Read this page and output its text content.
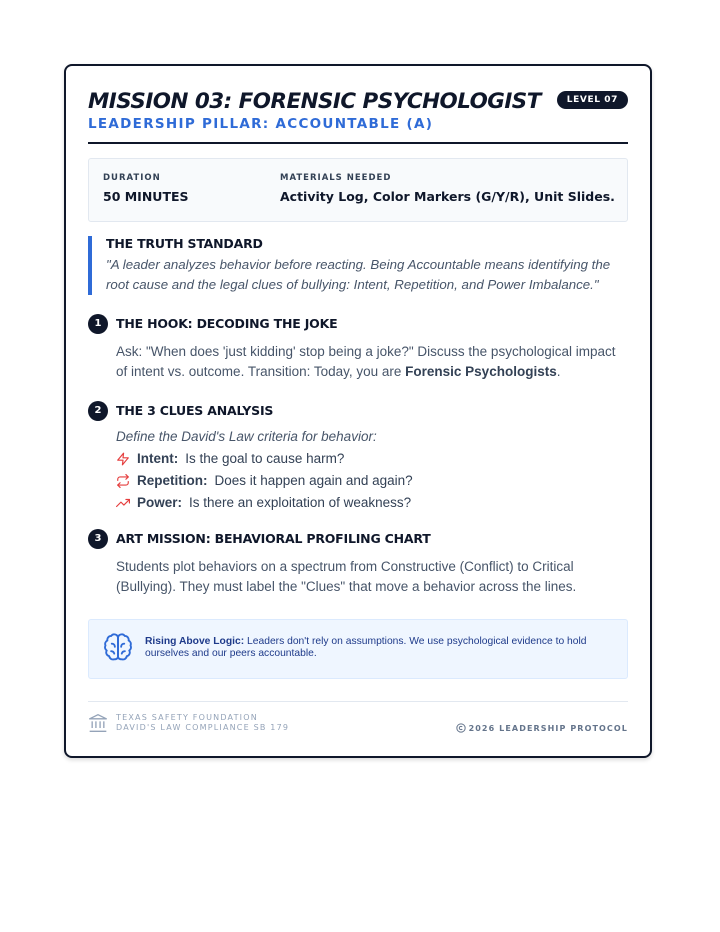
MISSION 03: FORENSIC PSYCHOLOGIST	LEVEL 07
LEADERSHIP PILLAR: ACCOUNTABLE (A)
DURATION
50 MINUTES
MATERIALS NEEDED
Activity Log, Color Markers (G/Y/R), Unit Slides.
THE TRUTH STANDARD
"A leader analyzes behavior before reacting. Being Accountable means identifying the root cause and the legal clues of bullying: Intent, Repetition, and Power Imbalance."
1	THE HOOK: DECODING THE JOKE
Ask: "When does 'just kidding' stop being a joke?" Discuss the psychological impact of intent vs. outcome. Transition: Today, you are Forensic Psychologists.
2	THE 3 CLUES ANALYSIS
Define the David's Law criteria for behavior:
Intent: Is the goal to cause harm?
Repetition: Does it happen again and again?
Power: Is there an exploitation of weakness?
3	ART MISSION: BEHAVIORAL PROFILING CHART
Students plot behaviors on a spectrum from Constructive (Conflict) to Critical (Bullying). They must label the "Clues" that move a behavior across the lines.
Rising Above Logic: Leaders don't rely on assumptions. We use psychological evidence to hold ourselves and our peers accountable.
TEXAS SAFETY FOUNDATION
DAVID'S LAW COMPLIANCE SB 179	2026 LEADERSHIP PROTOCOL
